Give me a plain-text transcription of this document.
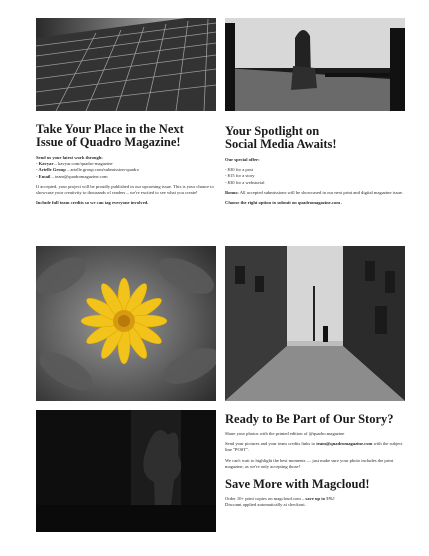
Take Your Place in the Next
Issue of Quadro Magazine!

Send us your latest work through:

- Kavyar – kavyar.com/quadro-magazine

- Arielle Group – arielle.group.com/submission-quadro

- Email – team@quadromagazine.com

If accepted, your project will be proudly published in our upcoming issue. This is your chance to showcase your creativity to thousands of readers – we're excited to see what you create!

Include full team credits so we can tag everyone involved.

Your Spotlight on
Social Media Awaits!

Our special offer:

- $30 for a post

- $15 for a story

- $30 for a webstorial

Bonus: All accepted submissions will be showcased in our next print and digital magazine issue.

Choose the right option to submit on quadromagazine.com .

Ready to Be Part of Our Story?

Share your photos with the printed edition of @quadro.magazine

Send your pictures and your team credits links to team@quadromagazine.com with the subject line "POST".

We can't wait to highlight the best moments — just make sure your photo includes the print magazine, as we're only accepting those!

Save More with Magcloud!

Order 10+ print copies on magcloud.com – save up to 5%!
Discount applied automatically at checkout.
